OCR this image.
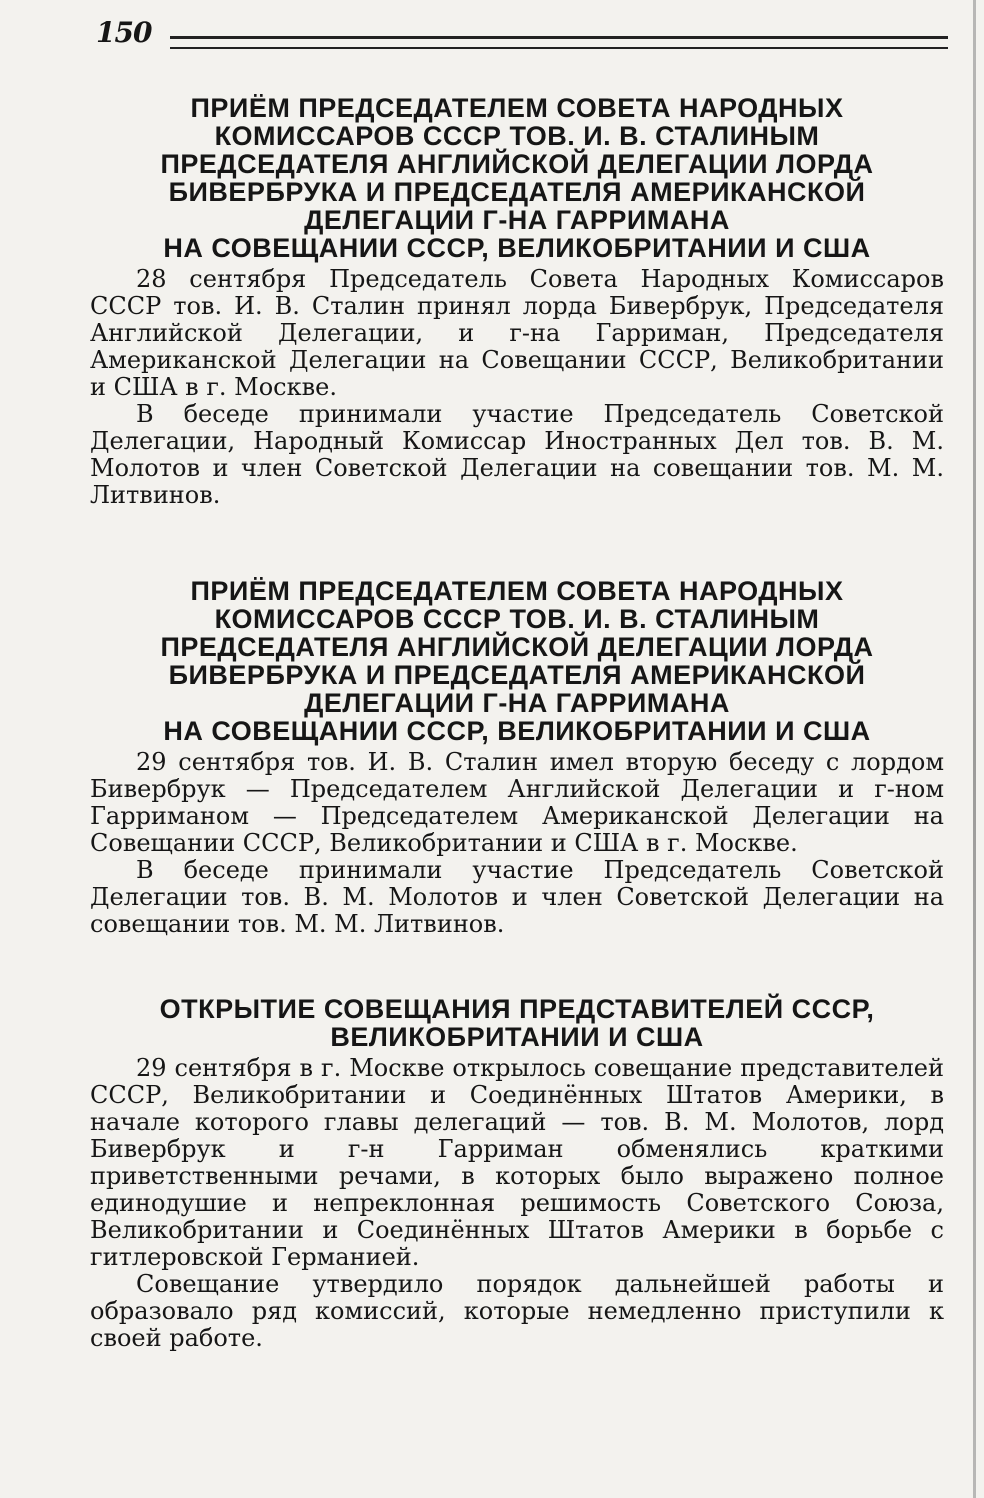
150
ПРИЁМ ПРЕДСЕДАТЕЛЕМ СОВЕТА НАРОДНЫХ
КОМИССАРОВ СССР ТОВ. И. В. СТАЛИНЫМ
ПРЕДСЕДАТЕЛЯ АНГЛИЙСКОЙ ДЕЛЕГАЦИИ ЛОРДА
БИВЕРБРУКА И ПРЕДСЕДАТЕЛЯ АМЕРИКАНСКОЙ
ДЕЛЕГАЦИИ Г-НА ГАРРИМАНА
НА СОВЕЩАНИИ СССР, ВЕЛИКОБРИТАНИИ И США

28 сентября Председатель Совета Народных Комиссаров СССР тов. И. В. Сталин принял лорда Бивербрук, Председателя Английской Делегации, и г-на Гарриман, Председателя Американской Делегации на Совещании СССР, Великобритании и США в г. Москве.

В беседе принимали участие Председатель Советской Делегации, Народный Комиссар Иностранных Дел тов. В. М. Молотов и член Советской Делегации на совещании тов. М. М. Литвинов.

ПРИЁМ ПРЕДСЕДАТЕЛЕМ СОВЕТА НАРОДНЫХ
КОМИССАРОВ СССР ТОВ. И. В. СТАЛИНЫМ
ПРЕДСЕДАТЕЛЯ АНГЛИЙСКОЙ ДЕЛЕГАЦИИ ЛОРДА
БИВЕРБРУКА И ПРЕДСЕДАТЕЛЯ АМЕРИКАНСКОЙ
ДЕЛЕГАЦИИ Г-НА ГАРРИМАНА
НА СОВЕЩАНИИ СССР, ВЕЛИКОБРИТАНИИ И США

29 сентября тов. И. В. Сталин имел вторую беседу с лордом Бивербрук — Председателем Английской Делегации и г-ном Гарриманом — Председателем Американской Делегации на Совещании СССР, Великобритании и США в г. Москве.

В беседе принимали участие Председатель Советской Делегации тов. В. М. Молотов и член Советской Делегации на совещании тов. М. М. Литвинов.

ОТКРЫТИЕ СОВЕЩАНИЯ ПРЕДСТАВИТЕЛЕЙ СССР,
ВЕЛИКОБРИТАНИИ И США

29 сентября в г. Москве открылось совещание представителей СССР, Великобритании и Соединённых Штатов Америки, в начале которого главы делегаций — тов. В. М. Молотов, лорд Бивербрук и г-н Гарриман обменялись краткими приветственными речами, в которых было выражено полное единодушие и непреклонная решимость Советского Союза, Великобритании и Соединённых Штатов Америки в борьбе с гитлеровской Германией.

Совещание утвердило порядок дальнейшей работы и образовало ряд комиссий, которые немедленно приступили к своей работе.
